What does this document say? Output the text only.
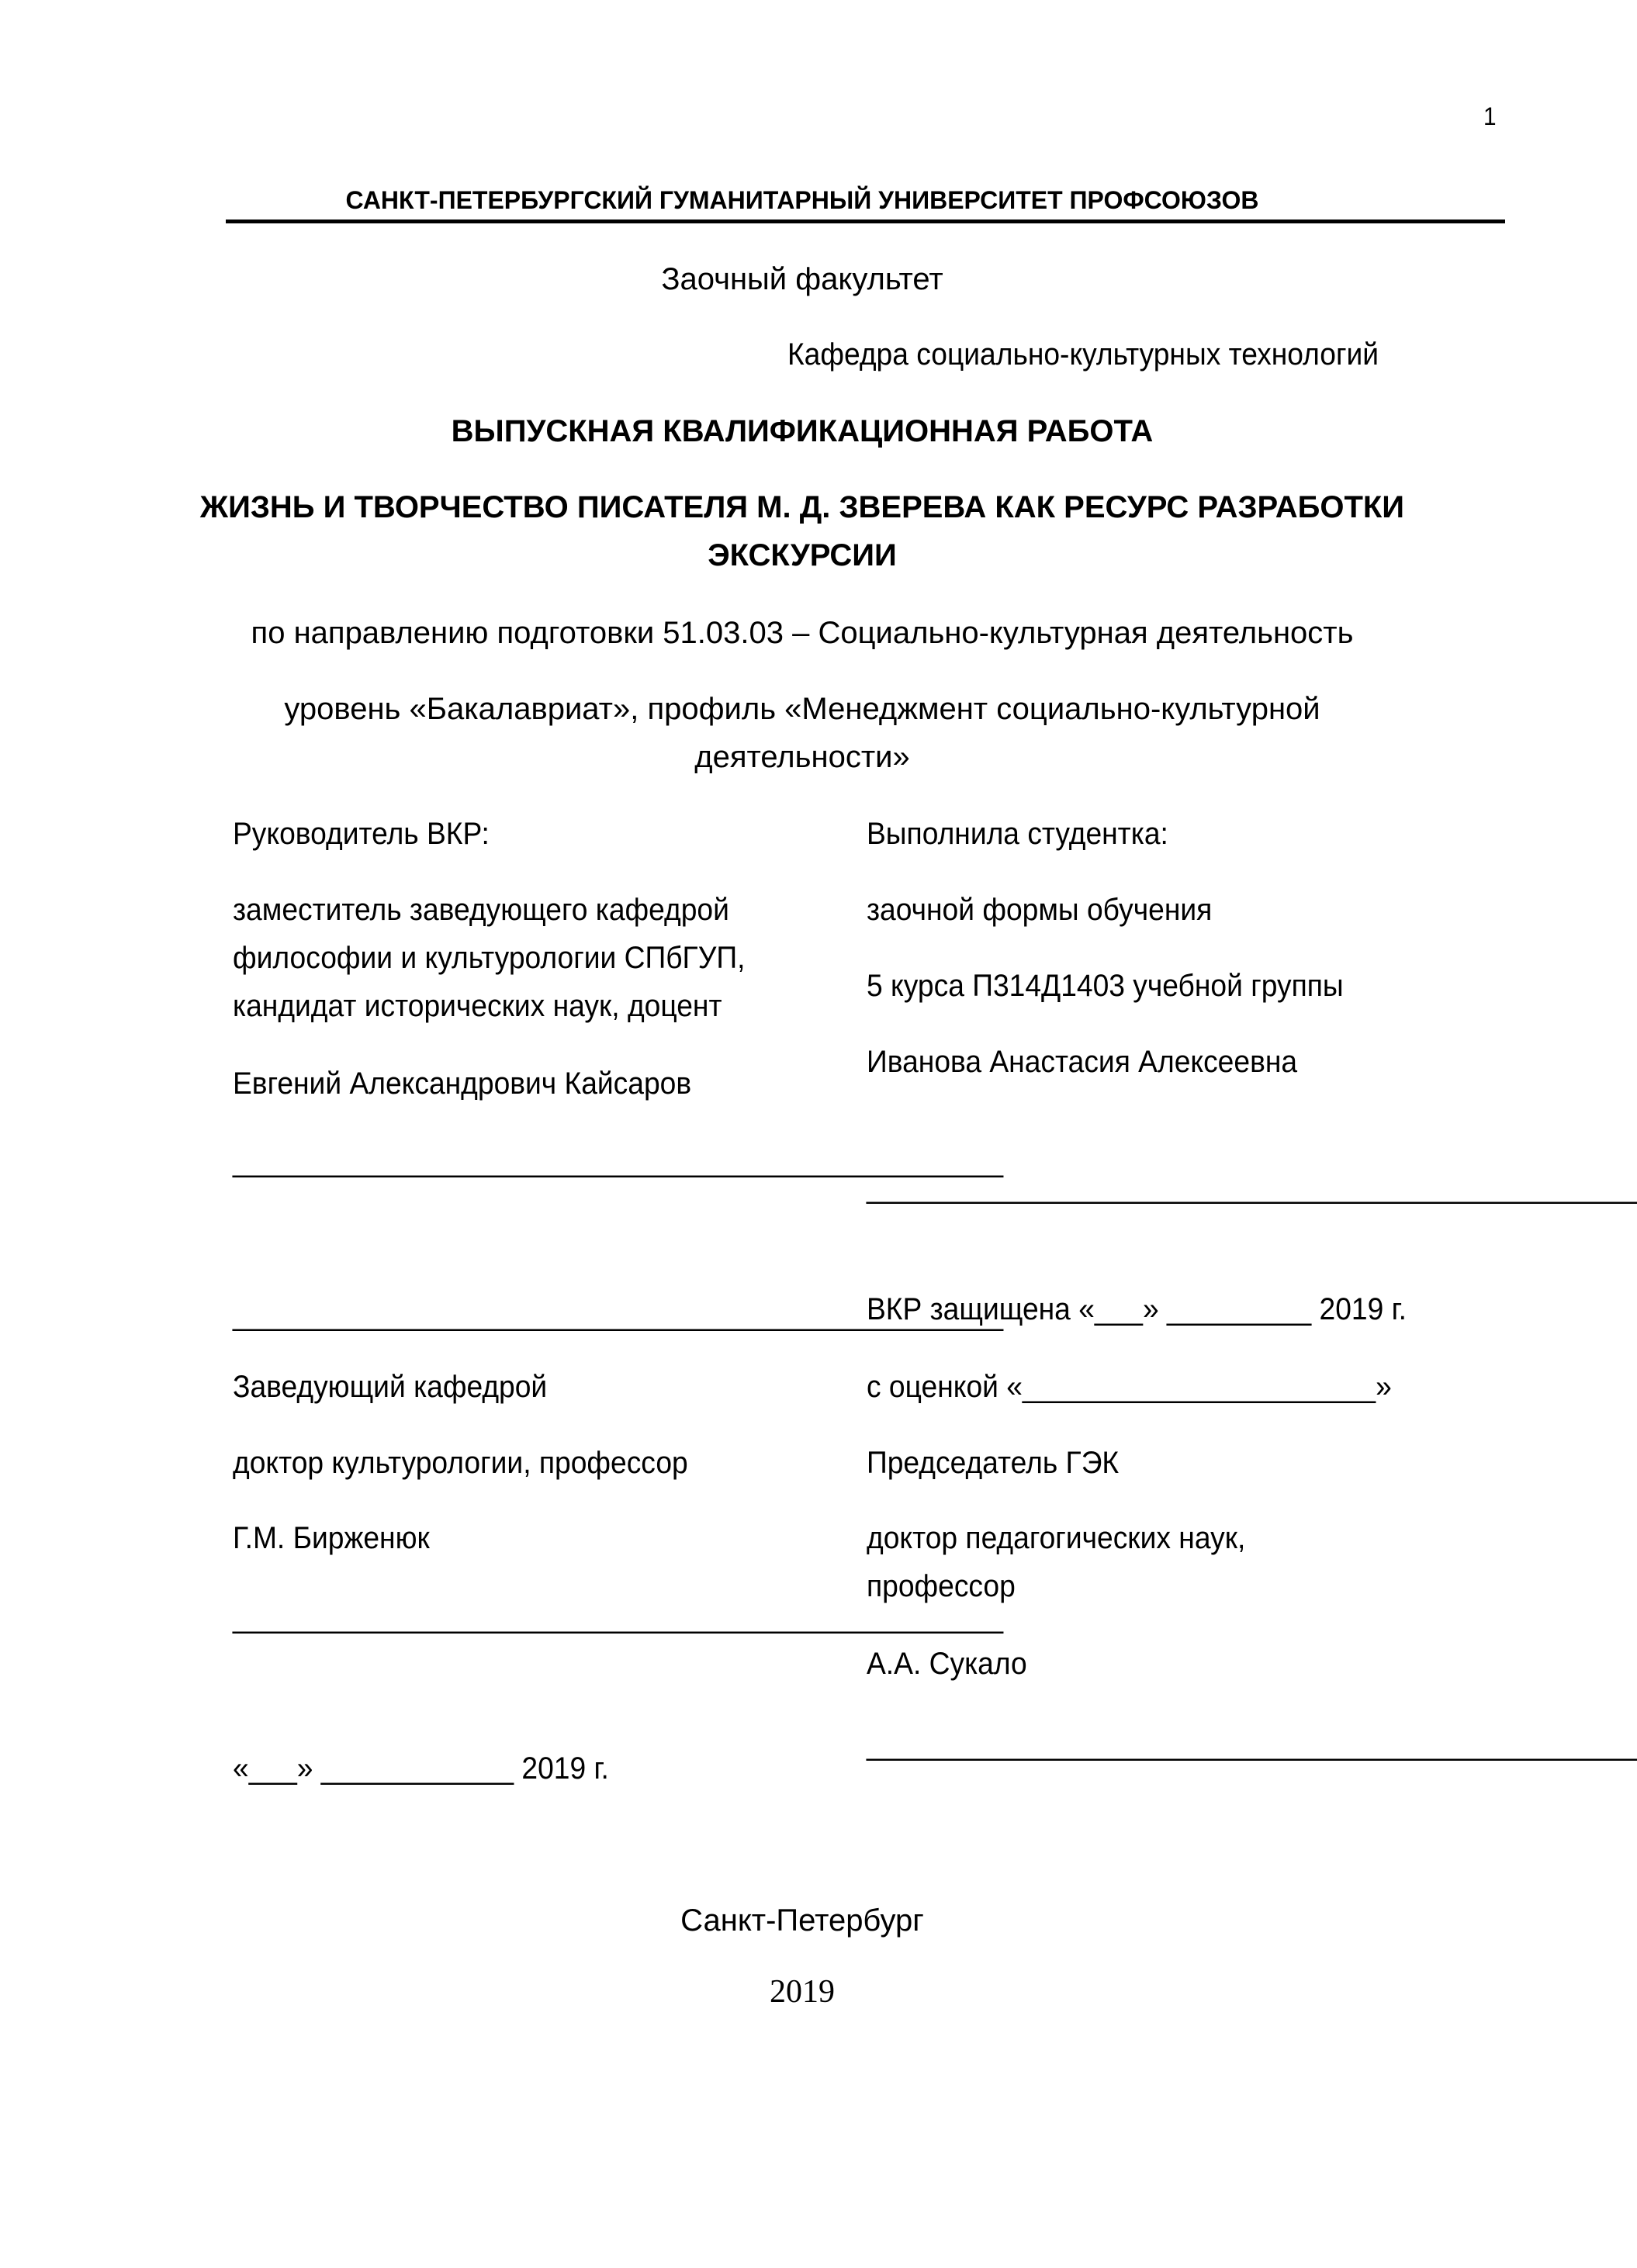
1
САНКТ-ПЕТЕРБУРГСКИЙ ГУМАНИТАРНЫЙ УНИВЕРСИТЕТ ПРОФСОЮЗОВ
Заочный факультет
Кафедра социально-культурных технологий
ВЫПУСКНАЯ КВАЛИФИКАЦИОННАЯ РАБОТА
ЖИЗНЬ И ТВОРЧЕСТВО ПИСАТЕЛЯ М. Д. ЗВЕРЕВА КАК РЕСУРС РАЗРАБОТКИ
ЭКСКУРСИИ
по направлению подготовки 51.03.03 – Социально-культурная деятельность
уровень «Бакалавриат», профиль «Менеджмент социально-культурной
деятельности»
Руководитель ВКР:
заместитель заведующего кафедрой
философии и культурологии СПбГУП,
кандидат исторических наук, доцент
Евгений Александрович Кайсаров
________________________________________________
________________________________________________
Заведующий кафедрой
доктор культурологии, профессор
Г.М. Бирженюк
________________________________________________
«___» ____________ 2019 г.
Выполнила студентка:
заочной формы обучения
5 курса П314Д1403 учебной группы
Иванова Анастасия Алексеевна
________________________________________________
ВКР защищена «___» _________ 2019 г.
с оценкой «______________________»
Председатель ГЭК
доктор педагогических наук,
профессор
А.А. Сукало
________________________________________________
Санкт-Петербург
2019
